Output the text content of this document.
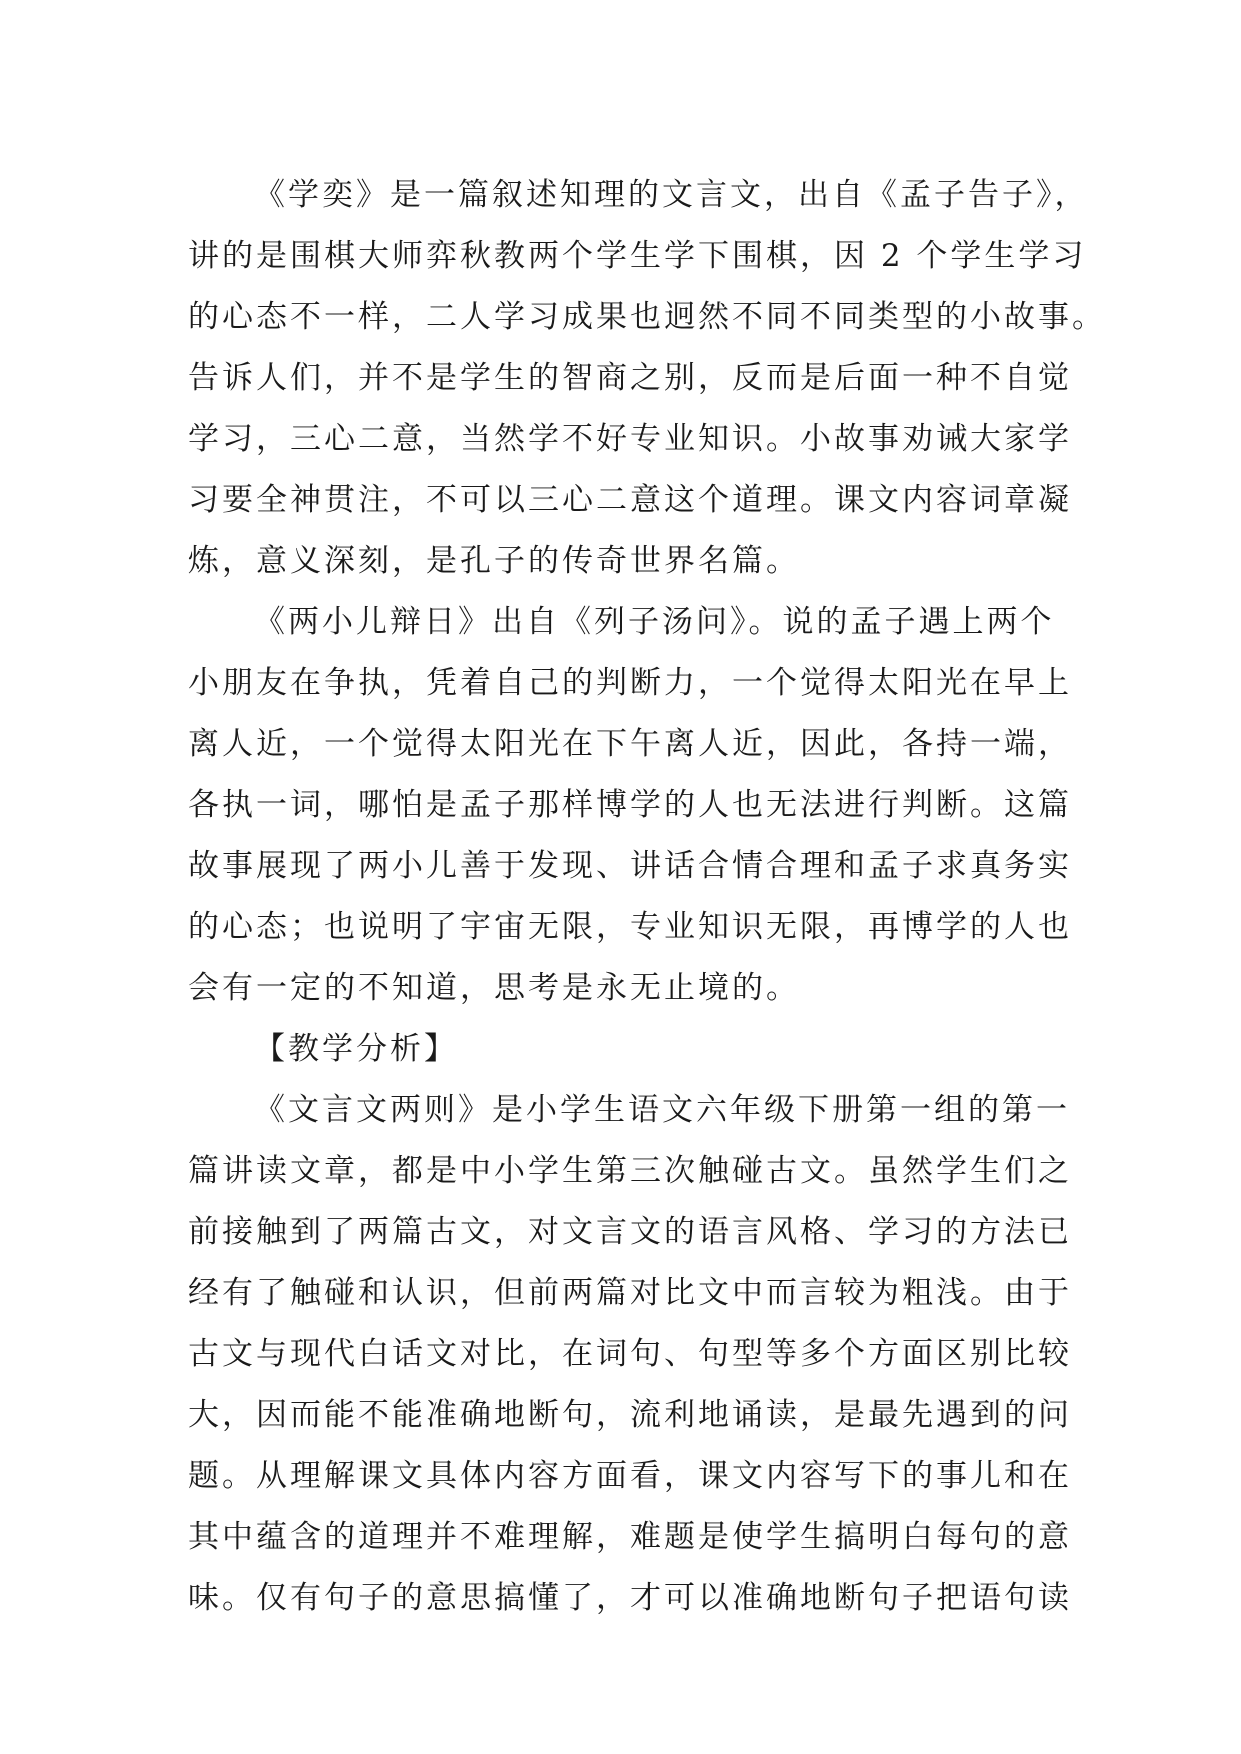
《学奕》是一篇叙述知理的文言文，出自《孟子告子》，
讲的是围棋大师弈秋教两个学生学下围棋，因 2 个学生学习
的心态不一样，二人学习成果也迥然不同不同类型的小故事。
告诉人们，并不是学生的智商之别，反而是后面一种不自觉
学习，三心二意，当然学不好专业知识。小故事劝诫大家学
习要全神贯注，不可以三心二意这个道理。课文内容词章凝
炼，意义深刻，是孔子的传奇世界名篇。
《两小儿辩日》出自《列子汤问》。说的孟子遇上两个
小朋友在争执，凭着自己的判断力，一个觉得太阳光在早上
离人近，一个觉得太阳光在下午离人近，因此，各持一端，
各执一词，哪怕是孟子那样博学的人也无法进行判断。这篇
故事展现了两小儿善于发现、讲话合情合理和孟子求真务实
的心态；也说明了宇宙无限，专业知识无限，再博学的人也
会有一定的不知道，思考是永无止境的。
【教学分析】
《文言文两则》是小学生语文六年级下册第一组的第一
篇讲读文章，都是中小学生第三次触碰古文。虽然学生们之
前接触到了两篇古文，对文言文的语言风格、学习的方法已
经有了触碰和认识，但前两篇对比文中而言较为粗浅。由于
古文与现代白话文对比，在词句、句型等多个方面区别比较
大，因而能不能准确地断句，流利地诵读，是最先遇到的问
题。从理解课文具体内容方面看，课文内容写下的事儿和在
其中蕴含的道理并不难理解，难题是使学生搞明白每句的意
味。仅有句子的意思搞懂了，才可以准确地断句子把语句读
